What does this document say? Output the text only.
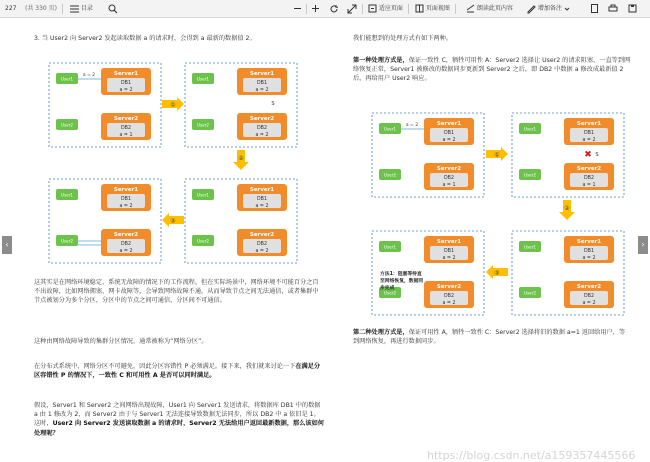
227 (共 330 页)	目录	适应页面	页面视图	朗读此页内容	增加备注
3. 当 User2 向 Server2 发起读取数据 a 的请求时，会得到 a 最新的数据值 2。
这其实是在网络环境稳定、系统无故障的情况下的工作流程。但在实际场景中，网络环境不可能百分之百不出故障，比如网络拥塞、网卡故障等，会导致网络故障不通，从而导致节点之间无法通信，或者集群中节点被划分为多个分区，分区中的节点之间可通信，分区间不可通信。
这种由网络故障导致的集群分区情况，通常被称为“网络分区”。
在分布式系统中，网络分区不可避免，因此分区容错性 P 必须满足。接下来，我们就来讨论一下在满足分区容错性 P 的情况下，一致性 C 和可用性 A 是否可以同时满足。
假设，Server1 和 Server2 之间网络出现故障，User1 向 Server1 发送请求，将数据库 DB1 中的数据 a 由 1 修改为 2，而 Server2 由于与 Server1 无法连接导致数据无法同步，所以 DB2 中 a 依旧是 1。这时，User2 向 Server2 发送读取数据 a 的请求时，Server2 无法给用户返回最新数据，那么该如何处理呢？
我们能想到的处理方式有如下两种。
第一种处理方式是，保证一致性 C，牺牲可用性 A：Server2 选择让 User2 的请求阻塞，一直等到网络恢复正常，Server1 被修改的数据同步更新到 Server2 之后，即 DB2 中数据 a 修改成最新值 2 后，再给用户 User2 响应。
第二种处理方式是，保证可用性 A，牺牲一致性 C：Server2 选择将旧的数据 a=1 返回给用户，等到网络恢复，再进行数据同步。
User1
User2
Server1
DB1
a = 2
Server2
DB2
a = 1
a = 2
User1
User2
Server1
DB1
a = 2
Server2
DB2
a = 2
S
User1
User2
Server1
DB1
a = 2
Server2
DB2
a = 2
User1
User2
Server1
DB1
a = 2
Server2
DB2
a = 2
①
②
③
User1
User2
Server1
DB1
a = 2
Server2
DB2
a = 1
a = 2
User1
User2
Server1
DB1
a = 2
Server2
DB2
a = 1
✖ S
User1
User2
Server1
DB1
a = 2
Server2
DB2
a = 2
User1
User2
Server1
DB1
a = 2
Server2
DB2
a = 2
方法1：阻塞等待直
至网络恢复，数据同
步完成
①
②
③
https://blog.csdn.net/a159357445566
‹	›
